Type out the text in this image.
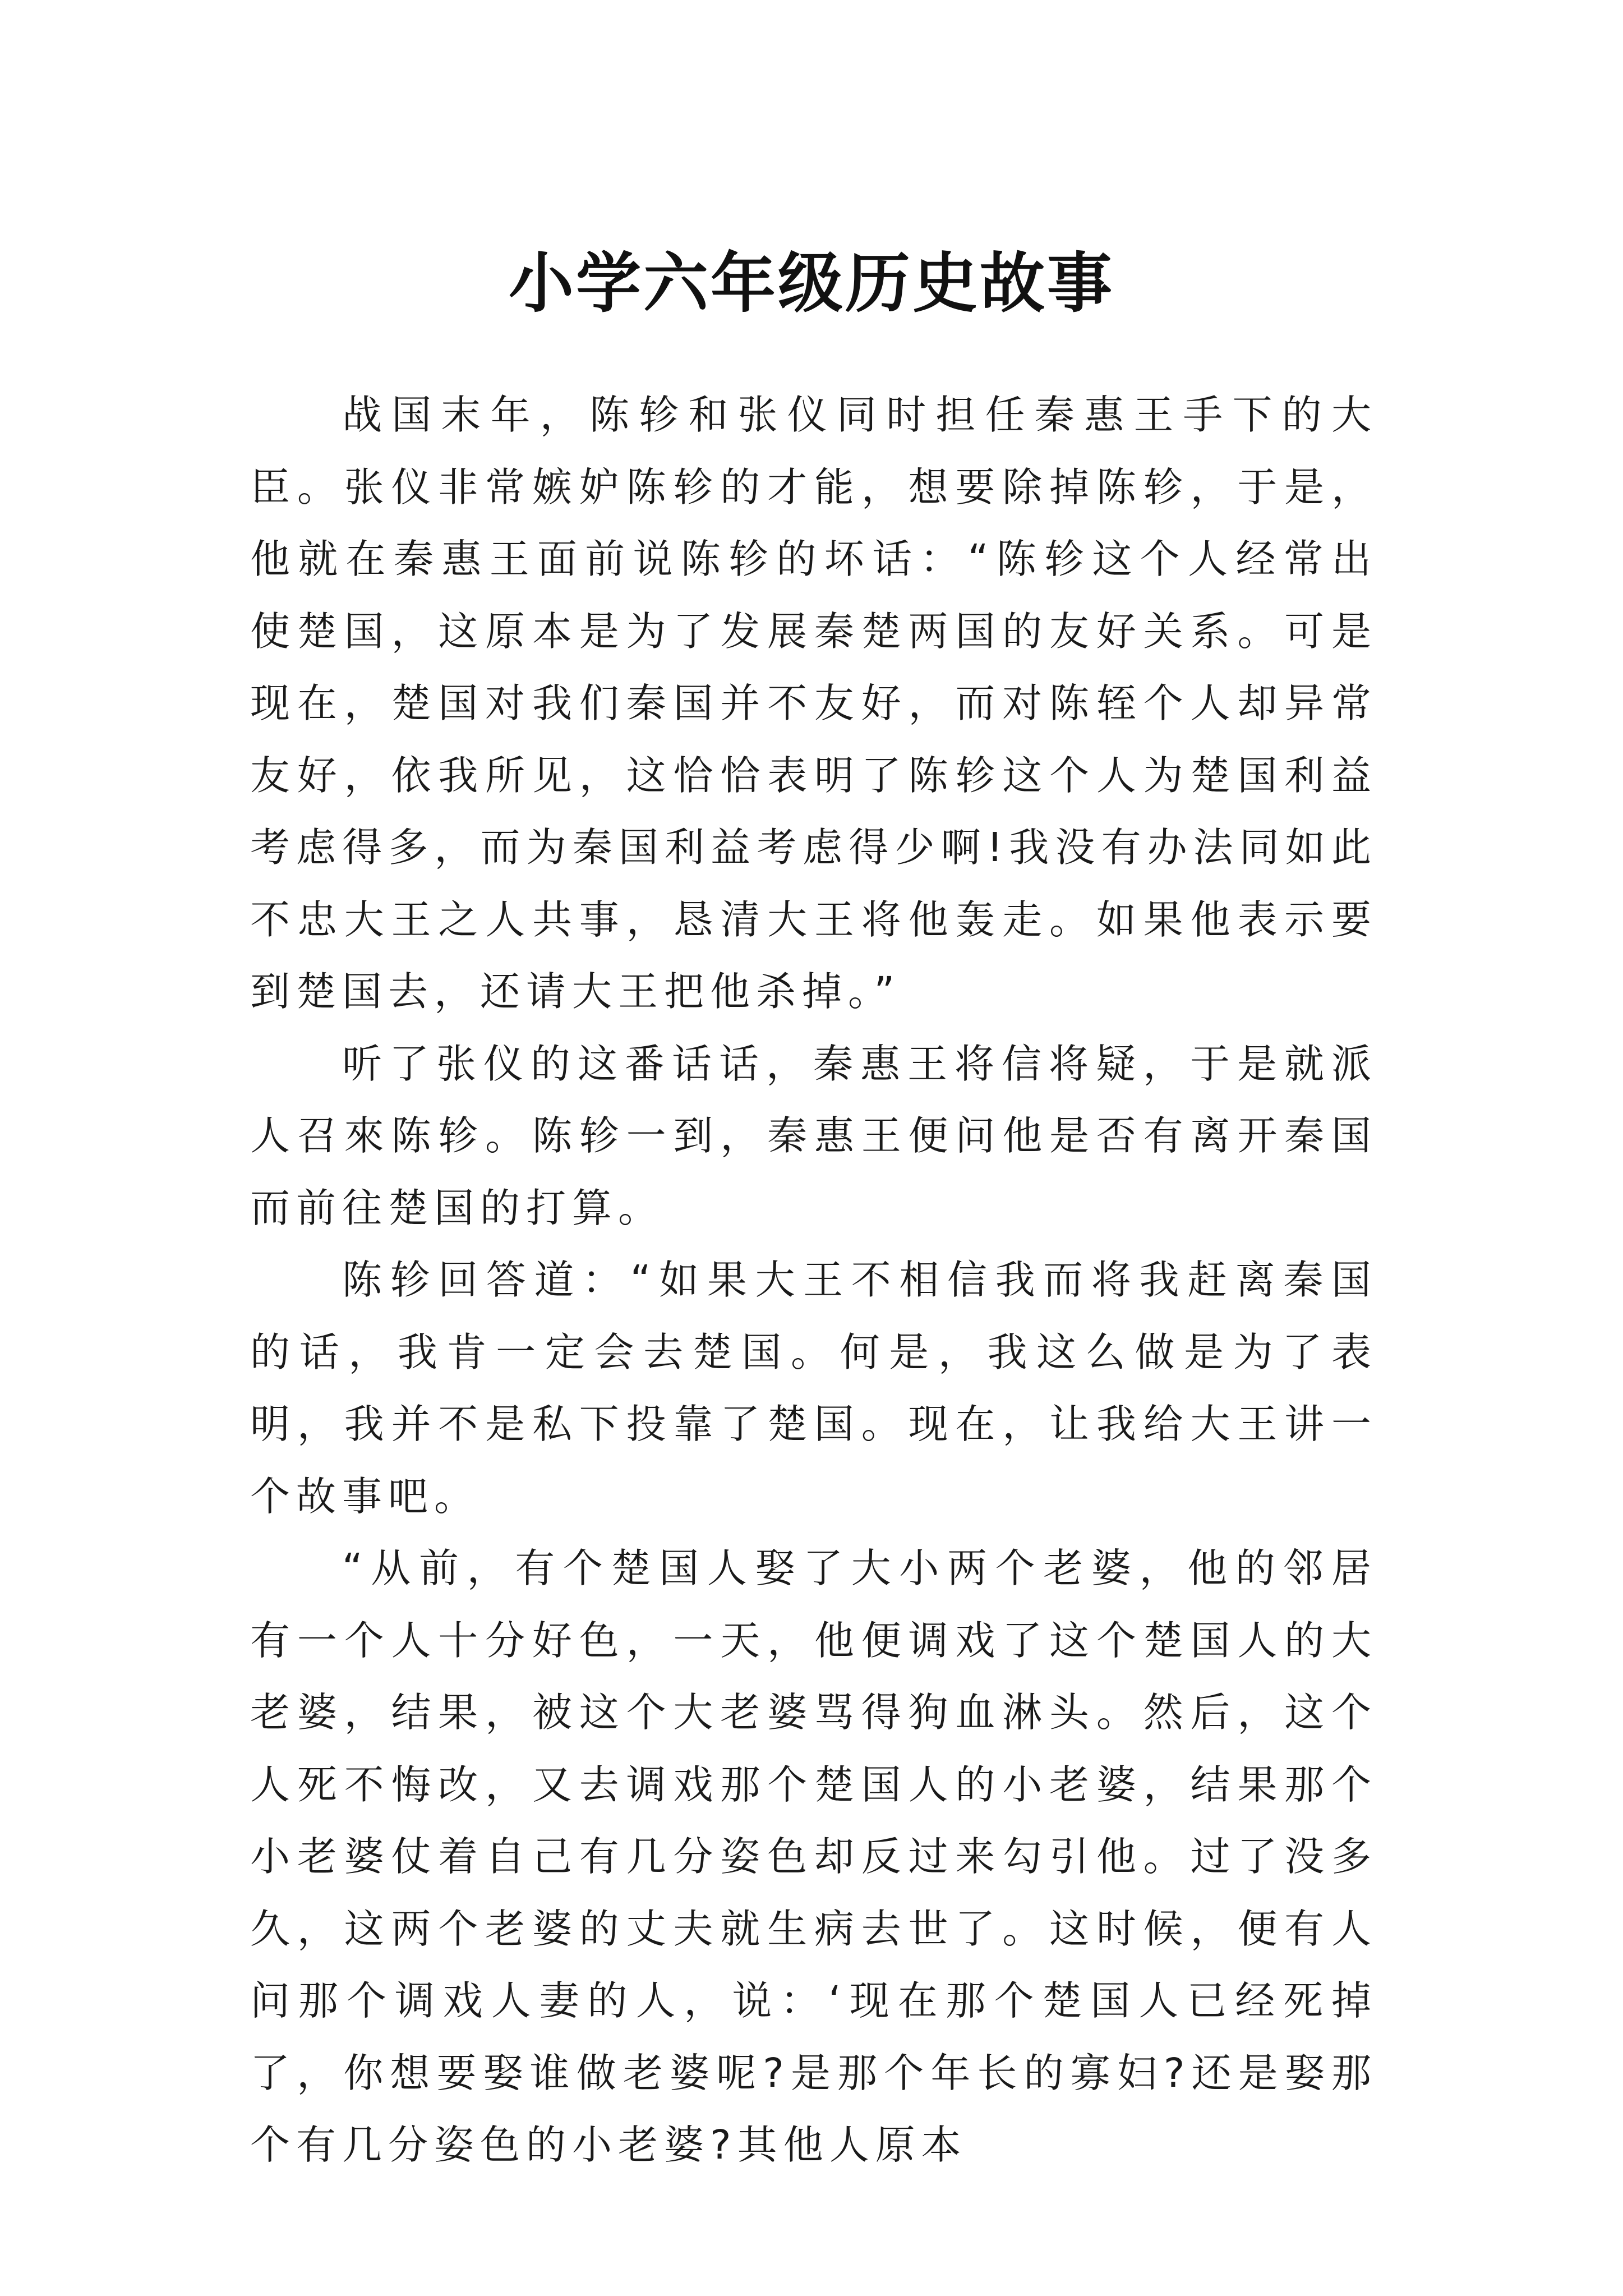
小学六年级历史故事

战国末年，陈轸和张仪同时担任秦惠王手下的大臣。张仪非常嫉妒陈轸的才能，想要除掉陈轸，于是，他就在秦惠王面前说陈轸的坏话：“陈轸这个人经常出使楚国，这原本是为了发展秦楚两国的友好关系。可是现在，楚国对我们秦国并不友好，而对陈轾个人却异常友好，依我所见，这恰恰表明了陈轸这个人为楚国利益考虑得多，而为秦国利益考虑得少啊!我没有办法同如此不忠大王之人共事，恳清大王将他轰走。如果他表示要到楚国去，还请大王把他杀掉。”

听了张仪的这番话话，秦惠王将信将疑，于是就派人召來陈轸。陈轸一到，秦惠王便问他是否有离开秦国而前往楚国的打算。

陈轸回答道：“如果大王不相信我而将我赶离秦国的话，我肯一定会去楚国。何是，我这么做是为了表明，我并不是私下投靠了楚国。现在，让我给大王讲一个故事吧。

“从前，有个楚国人娶了大小两个老婆，他的邻居有一个人十分好色，一天，他便调戏了这个楚国人的大老婆，结果，被这个大老婆骂得狗血淋头。然后，这个人死不悔改，又去调戏那个楚国人的小老婆，结果那个小老婆仗着自己有几分姿色却反过来勾引他。过了没多久，这两个老婆的丈夫就生病去世了。这时候，便有人问那个调戏人妻的人，说：‘现在那个楚国人已经死掉了，你想要娶谁做老婆呢?是那个年长的寡妇?还是娶那个有几分姿色的小老婆?其他人原本
